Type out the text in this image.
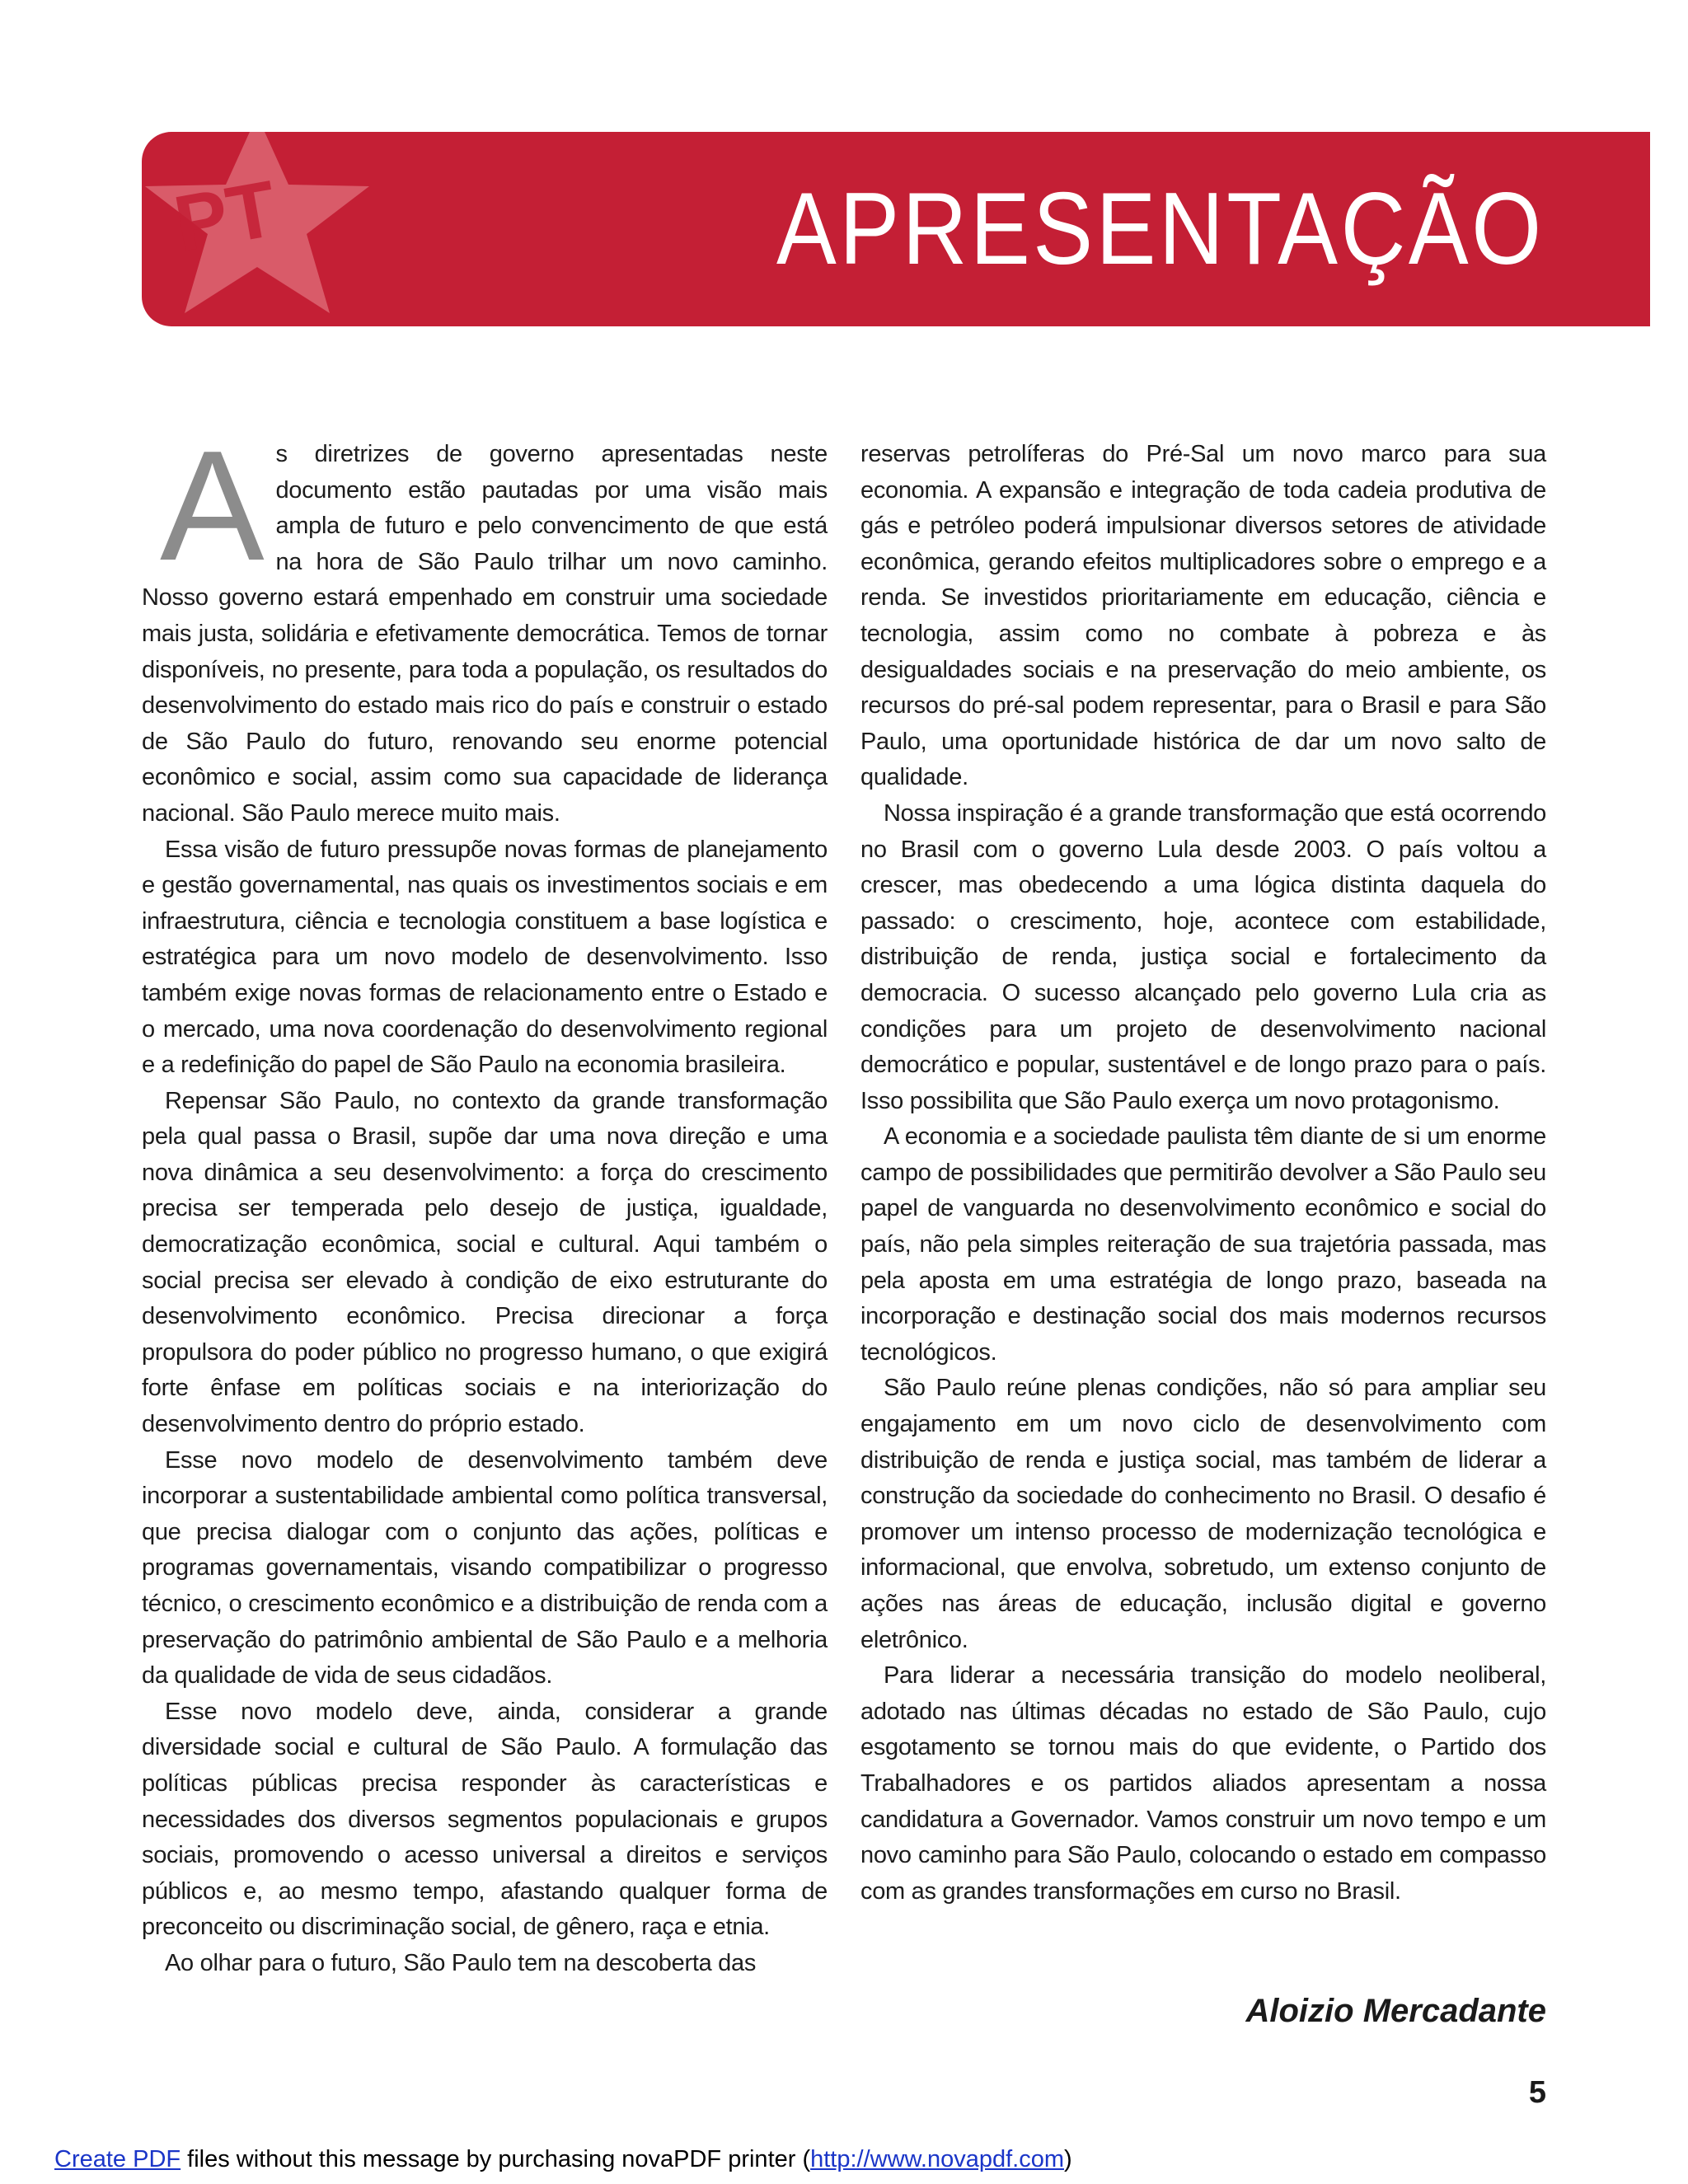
PT	APRESENTAÇÃO

As diretrizes de governo apresentadas neste documento estão pautadas por uma visão mais ampla de futuro e pelo convencimento de que está na hora de São Paulo trilhar um novo caminho. Nosso governo estará empenhado em construir uma sociedade mais justa, solidária e efetivamente democrática. Temos de tornar disponíveis, no presente, para toda a população, os resultados do desenvolvimento do estado mais rico do país e construir o estado de São Paulo do futuro, renovando seu enorme potencial econômico e social, assim como sua capacidade de liderança nacional. São Paulo merece muito mais.

Essa visão de futuro pressupõe novas formas de planejamento e gestão governamental, nas quais os investimentos sociais e em infraestrutura, ciência e tecnologia constituem a base logística e estratégica para um novo modelo de desenvolvimento. Isso também exige novas formas de relacionamento entre o Estado e o mercado, uma nova coordenação do desenvolvimento regional e a redefinição do papel de São Paulo na economia brasileira.

Repensar São Paulo, no contexto da grande transformação pela qual passa o Brasil, supõe dar uma nova direção e uma nova dinâmica a seu desenvolvimento: a força do crescimento precisa ser temperada pelo desejo de justiça, igualdade, democratização econômica, social e cultural. Aqui também o social precisa ser elevado à condição de eixo estruturante do desenvolvimento econômico. Precisa direcionar a força propulsora do poder público no progresso humano, o que exigirá forte ênfase em políticas sociais e na interiorização do desenvolvimento dentro do próprio estado.

Esse novo modelo de desenvolvimento também deve incorporar a sustentabilidade ambiental como política transversal, que precisa dialogar com o conjunto das ações, políticas e programas governamentais, visando compatibilizar o progresso técnico, o crescimento econômico e a distribuição de renda com a preservação do patrimônio ambiental de São Paulo e a melhoria da qualidade de vida de seus cidadãos.

Esse novo modelo deve, ainda, considerar a grande diversidade social e cultural de São Paulo. A formulação das políticas públicas precisa responder às características e necessidades dos diversos segmentos populacionais e grupos sociais, promovendo o acesso universal a direitos e serviços públicos e, ao mesmo tempo, afastando qualquer forma de preconceito ou discriminação social, de gênero, raça e etnia.

Ao olhar para o futuro, São Paulo tem na descoberta das

reservas petrolíferas do Pré-Sal um novo marco para sua economia. A expansão e integração de toda cadeia produtiva de gás e petróleo poderá impulsionar diversos setores de atividade econômica, gerando efeitos multiplicadores sobre o emprego e a renda. Se investidos prioritariamente em educação, ciência e tecnologia, assim como no combate à pobreza e às desigualdades sociais e na preservação do meio ambiente, os recursos do pré-sal podem representar, para o Brasil e para São Paulo, uma oportunidade histórica de dar um novo salto de qualidade.

Nossa inspiração é a grande transformação que está ocorrendo no Brasil com o governo Lula desde 2003. O país voltou a crescer, mas obedecendo a uma lógica distinta daquela do passado: o crescimento, hoje, acontece com estabilidade, distribuição de renda, justiça social e fortalecimento da democracia. O sucesso alcançado pelo governo Lula cria as condições para um projeto de desenvolvimento nacional democrático e popular, sustentável e de longo prazo para o país. Isso possibilita que São Paulo exerça um novo protagonismo.

A economia e a sociedade paulista têm diante de si um enorme campo de possibilidades que permitirão devolver a São Paulo seu papel de vanguarda no desenvolvimento econômico e social do país, não pela simples reiteração de sua trajetória passada, mas pela aposta em uma estratégia de longo prazo, baseada na incorporação e destinação social dos mais modernos recursos tecnológicos.

São Paulo reúne plenas condições, não só para ampliar seu engajamento em um novo ciclo de desenvolvimento com distribuição de renda e justiça social, mas também de liderar a construção da sociedade do conhecimento no Brasil. O desafio é promover um intenso processo de modernização tecnológica e informacional, que envolva, sobretudo, um extenso conjunto de ações nas áreas de educação, inclusão digital e governo eletrônico.

Para liderar a necessária transição do modelo neoliberal, adotado nas últimas décadas no estado de São Paulo, cujo esgotamento se tornou mais do que evidente, o Partido dos Trabalhadores e os partidos aliados apresentam a nossa candidatura a Governador. Vamos construir um novo tempo e um novo caminho para São Paulo, colocando o estado em compasso com as grandes transformações em curso no Brasil.

Aloizio Mercadante
5
Create PDF files without this message by purchasing novaPDF printer (http://www.novapdf.com)
